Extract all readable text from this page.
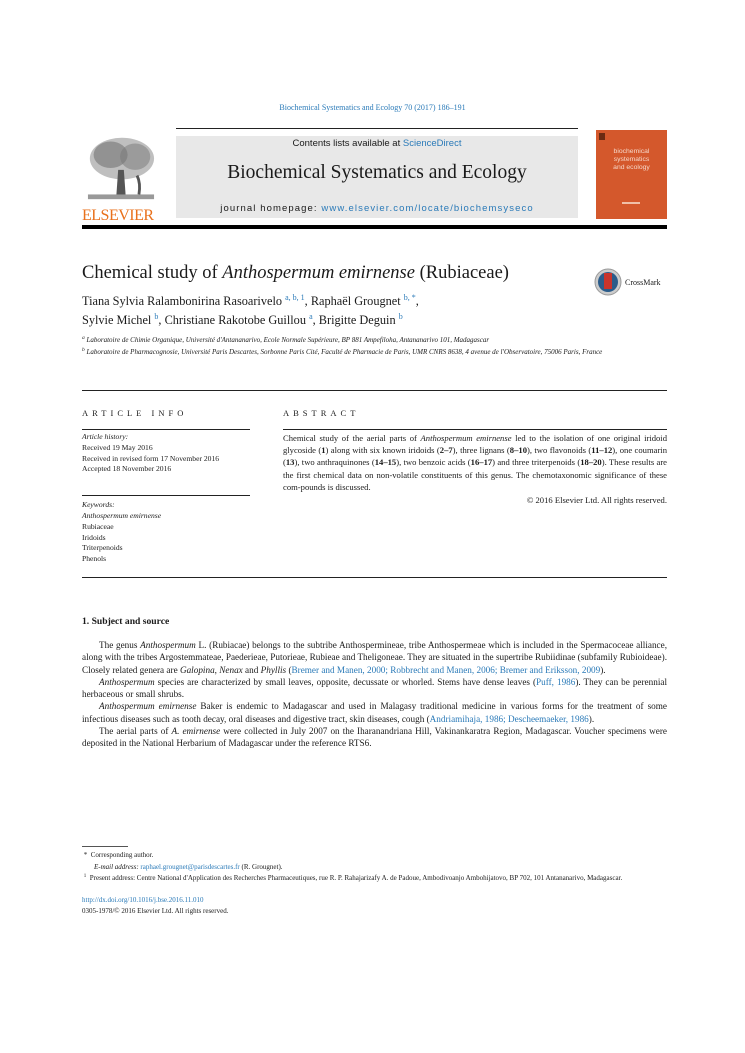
Biochemical Systematics and Ecology 70 (2017) 186–191
ELSEVIER
Contents lists available at ScienceDirect
Biochemical Systematics and Ecology
journal homepage: www.elsevier.com/locate/biochemsyseco
biochemical
systematics
and ecology
Chemical study of Anthospermum emirnense (Rubiaceae)	CrossMark
Tiana Sylvia Ralambonirina Rasoarivelo $^{a, b, 1}$, Raphaël Grougnet $^{b, *}$,
Sylvie Michel $^b$, Christiane Rakotobe Guillou $^a$, Brigitte Deguin $^b$
$^a$ Laboratoire de Chimie Organique, Université d'Antananarivo, Ecole Normale Supérieure, BP 881 Ampefiloha, Antananarivo 101, Madagascar
$^b$ Laboratoire de Pharmacognosie, Université Paris Descartes, Sorbonne Paris Cité, Faculté de Pharmacie de Paris, UMR CNRS 8638, 4 avenue de l'Observatoire, 75006 Paris, France
ARTICLE INFO	ABSTRACT
Article history:
Received 19 May 2016
Received in revised form 17 November 2016
Accepted 18 November 2016
Keywords:
Anthospermum emirnense
Rubiaceae
Iridoids
Triterpenoids
Phenols
Chemical study of the aerial parts of Anthospermum emirnense led to the isolation of one original iridoid glycoside (1) along with six known iridoids (2–7), three lignans (8–10), two flavonoids (11–12), one coumarin (13), two anthraquinones (14–15), two benzoic acids (16–17) and three triterpenoids (18–20). These results are the first chemical data on non-volatile constituents of this genus. The chemotaxonomic significance of these com-pounds is discussed.
© 2016 Elsevier Ltd. All rights reserved.
1. Subject and source

The genus Anthospermum L. (Rubiacae) belongs to the subtribe Anthospermineae, tribe Anthospermeae which is included in the Spermacoceae alliance, along with the tribes Argostemmateae, Paederieae, Putorieae, Rubieae and Theligoneae. They are situated in the supertribe Rubiidinae (subfamily Rubioideae). Closely related genera are Galopina, Nenax and Phyllis (Bremer and Manen, 2000; Robbrecht and Manen, 2006; Bremer and Eriksson, 2009).

Anthospermum species are characterized by small leaves, opposite, decussate or whorled. Stems have dense leaves (Puff, 1986). They can be perennial herbaceous or small shrubs.

Anthospermum emirnense Baker is endemic to Madagascar and used in Malagasy traditional medicine in various forms for the treatment of some infectious diseases such as tooth decay, oral diseases and digestive tract, skin diseases, cough (Andriamihaja, 1986; Descheemaeker, 1986).

The aerial parts of A. emirnense were collected in July 2007 on the Iharanandriana Hill, Vakinankaratra Region, Madagascar. Voucher specimens were deposited in the National Herbarium of Madagascar under the reference RTS6.

* Corresponding author.
E-mail address: raphael.grougnet@parisdescartes.fr (R. Grougnet).
$^1$ Present address: Centre National d'Application des Recherches Pharmaceutiques, rue R. P. Rahajarizafy A. de Padoue, Ambodivoanjo Ambohijatovo, BP 702, 101 Antananarivo, Madagascar.
http://dx.doi.org/10.1016/j.bse.2016.11.010
0305-1978/© 2016 Elsevier Ltd. All rights reserved.
